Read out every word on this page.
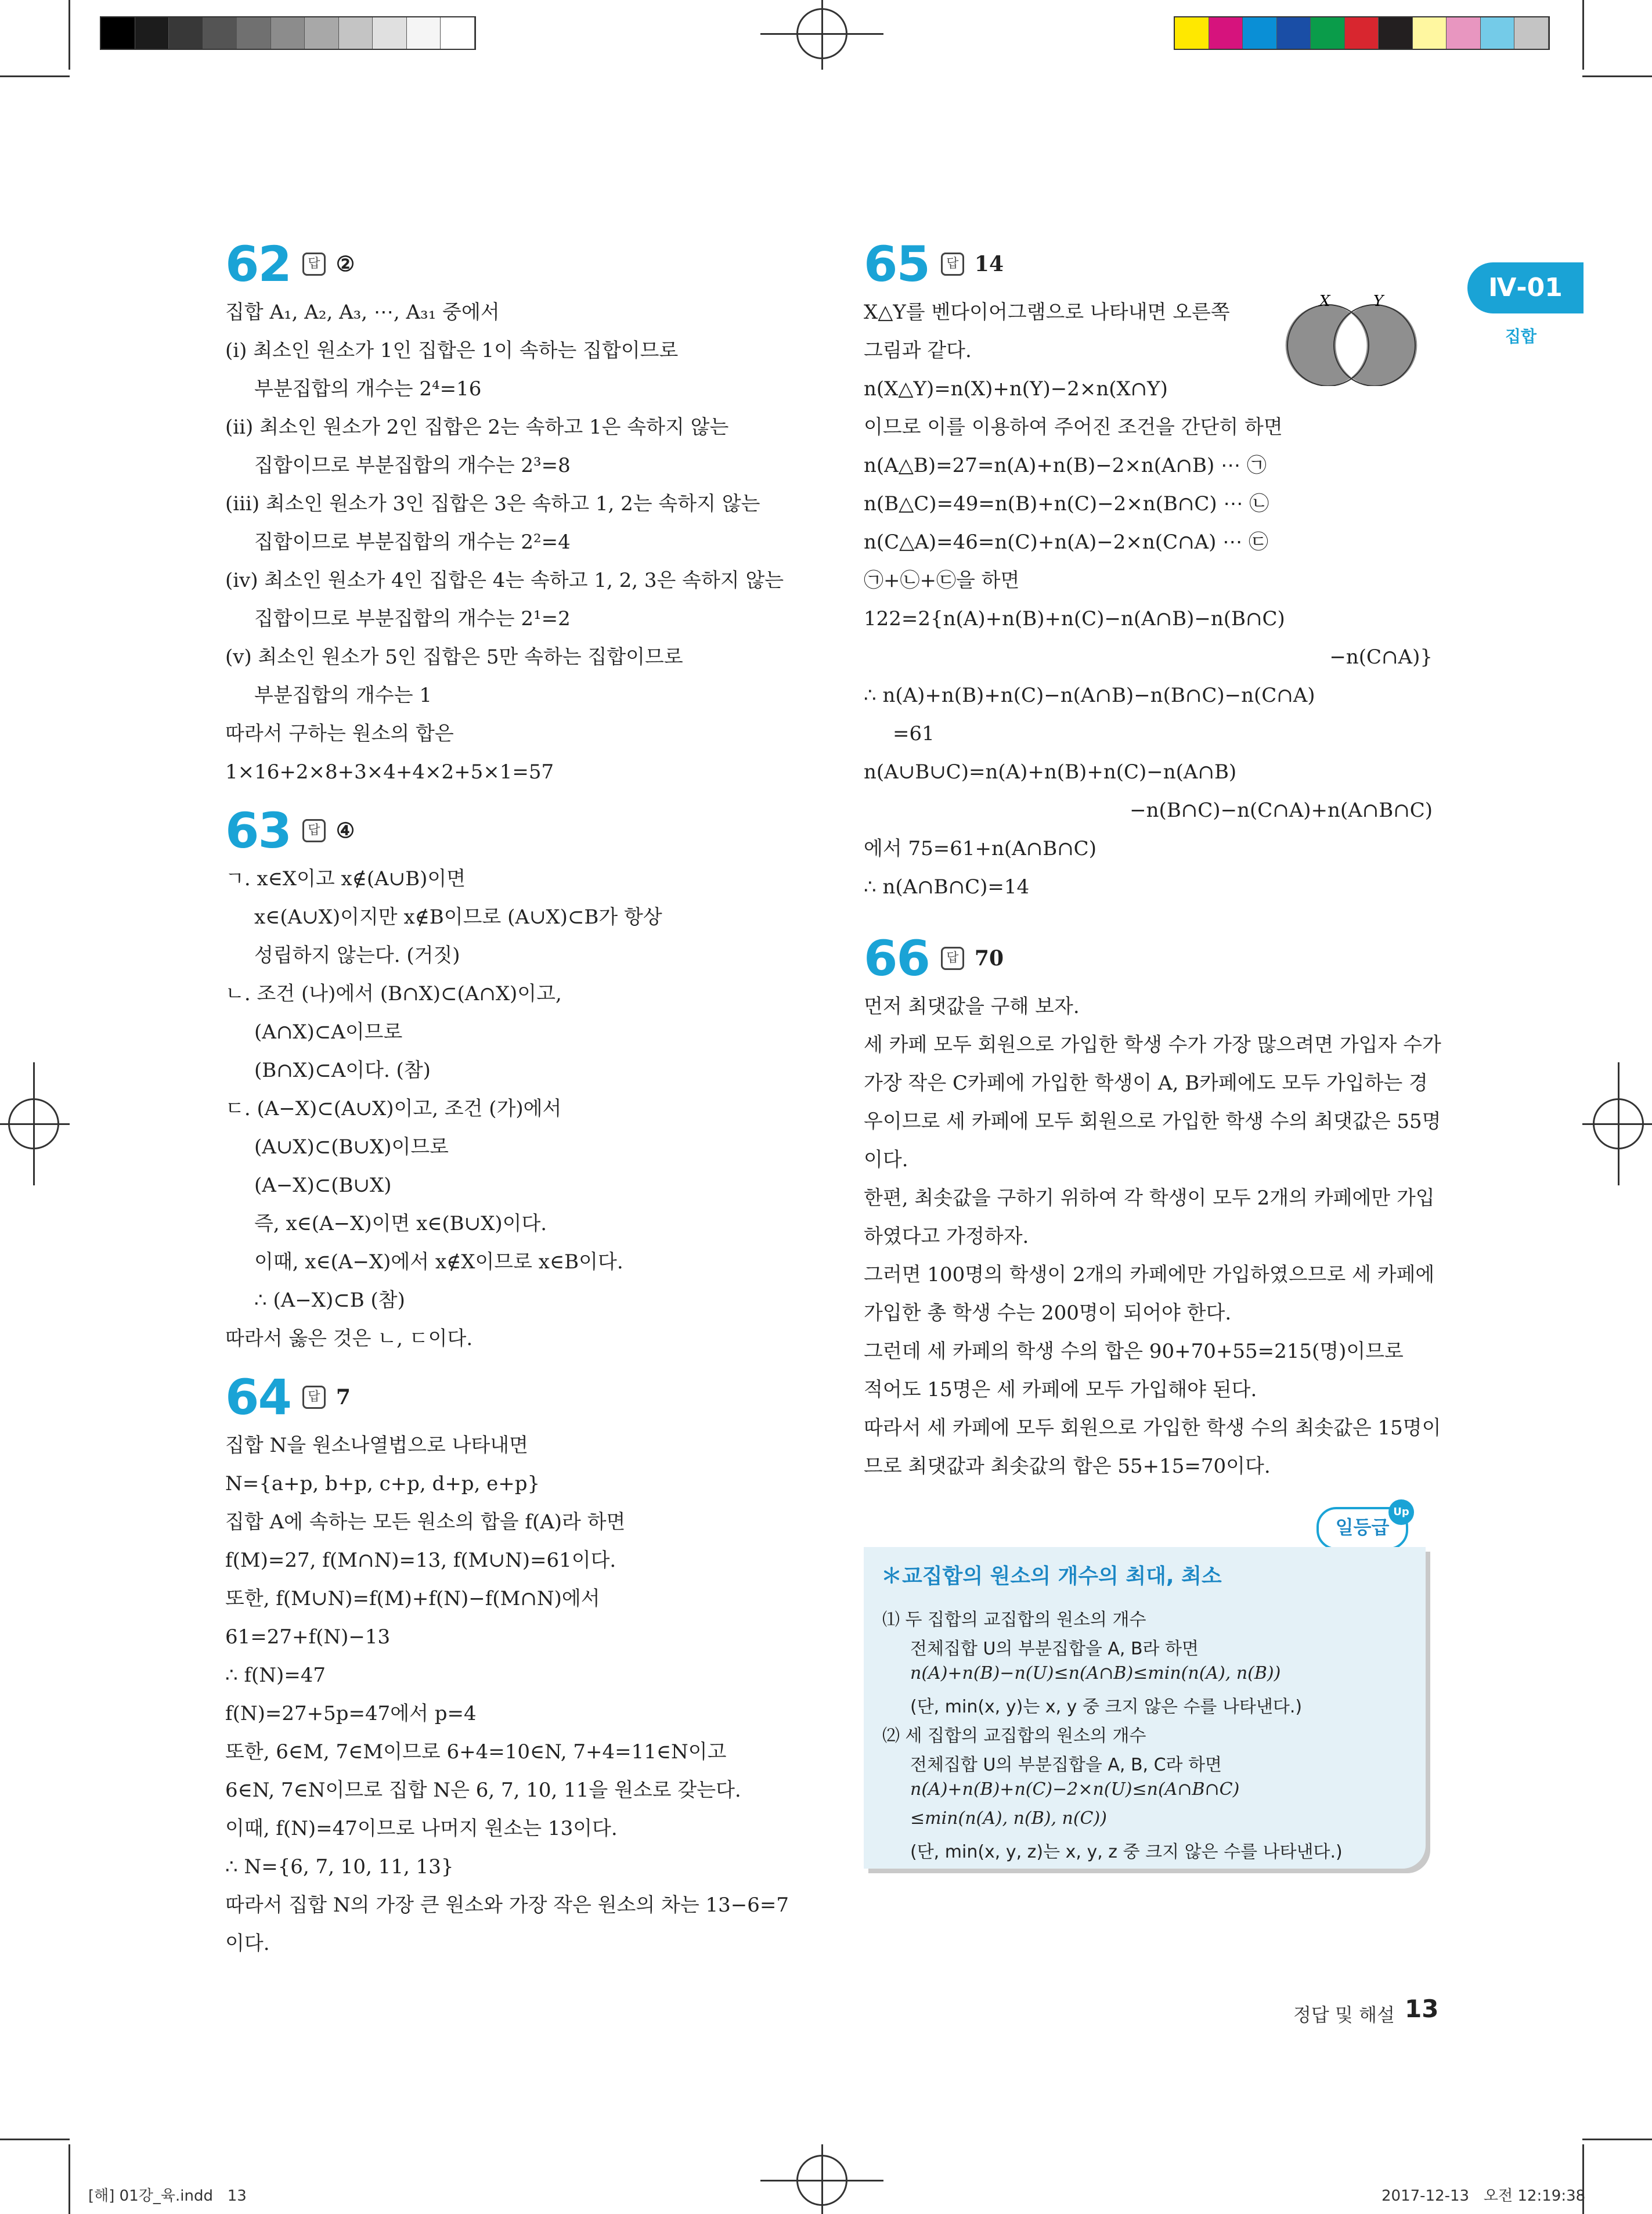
Ⅳ-01
집합
62	답 ②
집합 A₁, A₂, A₃, ⋯, A₃₁ 중에서
(ⅰ) 최소인 원소가 1인 집합은 1이 속하는 집합이므로
부분집합의 개수는 2⁴=16
(ⅱ) 최소인 원소가 2인 집합은 2는 속하고 1은 속하지 않는
집합이므로 부분집합의 개수는 2³=8
(ⅲ) 최소인 원소가 3인 집합은 3은 속하고 1, 2는 속하지 않는
집합이므로 부분집합의 개수는 2²=4
(ⅳ) 최소인 원소가 4인 집합은 4는 속하고 1, 2, 3은 속하지 않는
집합이므로 부분집합의 개수는 2¹=2
(ⅴ) 최소인 원소가 5인 집합은 5만 속하는 집합이므로
부분집합의 개수는 1
따라서 구하는 원소의 합은
1×16+2×8+3×4+4×2+5×1=57
63	답 ④
ㄱ. x∈X이고 x∉(A∪B)이면
x∈(A∪X)이지만 x∉B이므로 (A∪X)⊂B가 항상
성립하지 않는다. (거짓)
ㄴ. 조건 (나)에서 (B∩X)⊂(A∩X)이고,
(A∩X)⊂A이므로
(B∩X)⊂A이다. (참)
ㄷ. (A−X)⊂(A∪X)이고, 조건 (가)에서
(A∪X)⊂(B∪X)이므로
(A−X)⊂(B∪X)
즉, x∈(A−X)이면 x∈(B∪X)이다.
이때, x∈(A−X)에서 x∉X이므로 x∈B이다.
∴ (A−X)⊂B (참)
따라서 옳은 것은 ㄴ, ㄷ이다.
64	답 7
집합 N을 원소나열법으로 나타내면
N={a+p, b+p, c+p, d+p, e+p}
집합 A에 속하는 모든 원소의 합을 f(A)라 하면
f(M)=27, f(M∩N)=13, f(M∪N)=61이다.
또한, f(M∪N)=f(M)+f(N)−f(M∩N)에서
61=27+f(N)−13
∴ f(N)=47
f(N)=27+5p=47에서 p=4
또한, 6∈M, 7∈M이므로 6+4=10∈N, 7+4=11∈N이고
6∈N, 7∈N이므로 집합 N은 6, 7, 10, 11을 원소로 갖는다.
이때, f(N)=47이므로 나머지 원소는 13이다.
∴ N={6, 7, 10, 11, 13}
따라서 집합 N의 가장 큰 원소와 가장 작은 원소의 차는 13−6=7
이다.
65	답 14
X△Y를 벤다이어그램으로 나타내면 오른쪽
그림과 같다.
n(X△Y)=n(X)+n(Y)−2×n(X∩Y)
이므로 이를 이용하여 주어진 조건을 간단히 하면
n(A△B)=27=n(A)+n(B)−2×n(A∩B) ⋯ ㉠
n(B△C)=49=n(B)+n(C)−2×n(B∩C) ⋯ ㉡
n(C△A)=46=n(C)+n(A)−2×n(C∩A) ⋯ ㉢
㉠+㉡+㉢을 하면
122=2{n(A)+n(B)+n(C)−n(A∩B)−n(B∩C)
−n(C∩A)}
∴ n(A)+n(B)+n(C)−n(A∩B)−n(B∩C)−n(C∩A)
=61
n(A∪B∪C)=n(A)+n(B)+n(C)−n(A∩B)
−n(B∩C)−n(C∩A)+n(A∩B∩C)
에서 75=61+n(A∩B∩C)
∴ n(A∩B∩C)=14
66	답 70
먼저 최댓값을 구해 보자.
세 카페 모두 회원으로 가입한 학생 수가 가장 많으려면 가입자 수가
가장 작은 C카페에 가입한 학생이 A, B카페에도 모두 가입하는 경
우이므로 세 카페에 모두 회원으로 가입한 학생 수의 최댓값은 55명
이다.
한편, 최솟값을 구하기 위하여 각 학생이 모두 2개의 카페에만 가입
하였다고 가정하자.
그러면 100명의 학생이 2개의 카페에만 가입하였으므로 세 카페에
가입한 총 학생 수는 200명이 되어야 한다.
그런데 세 카페의 학생 수의 합은 90+70+55=215(명)이므로
적어도 15명은 세 카페에 모두 가입해야 된다.
따라서 세 카페에 모두 회원으로 가입한 학생 수의 최솟값은 15명이
므로 최댓값과 최솟값의 합은 55+15=70이다.
X	Y
일등급
Up
＊교집합의 원소의 개수의 최대, 최소
⑴ 두 집합의 교집합의 원소의 개수
전체집합 U의 부분집합을 A, B라 하면
n(A)+n(B)−n(U)≤n(A∩B)≤min(n(A), n(B))
(단, min(x, y)는 x, y 중 크지 않은 수를 나타낸다.)
⑵ 세 집합의 교집합의 원소의 개수
전체집합 U의 부분집합을 A, B, C라 하면
n(A)+n(B)+n(C)−2×n(U)≤n(A∩B∩C)
≤min(n(A), n(B), n(C))
(단, min(x, y, z)는 x, y, z 중 크지 않은 수를 나타낸다.)
정답 및 해설 13
[해] 01강_육.indd   13	2017-12-13   오전 12:19:38
